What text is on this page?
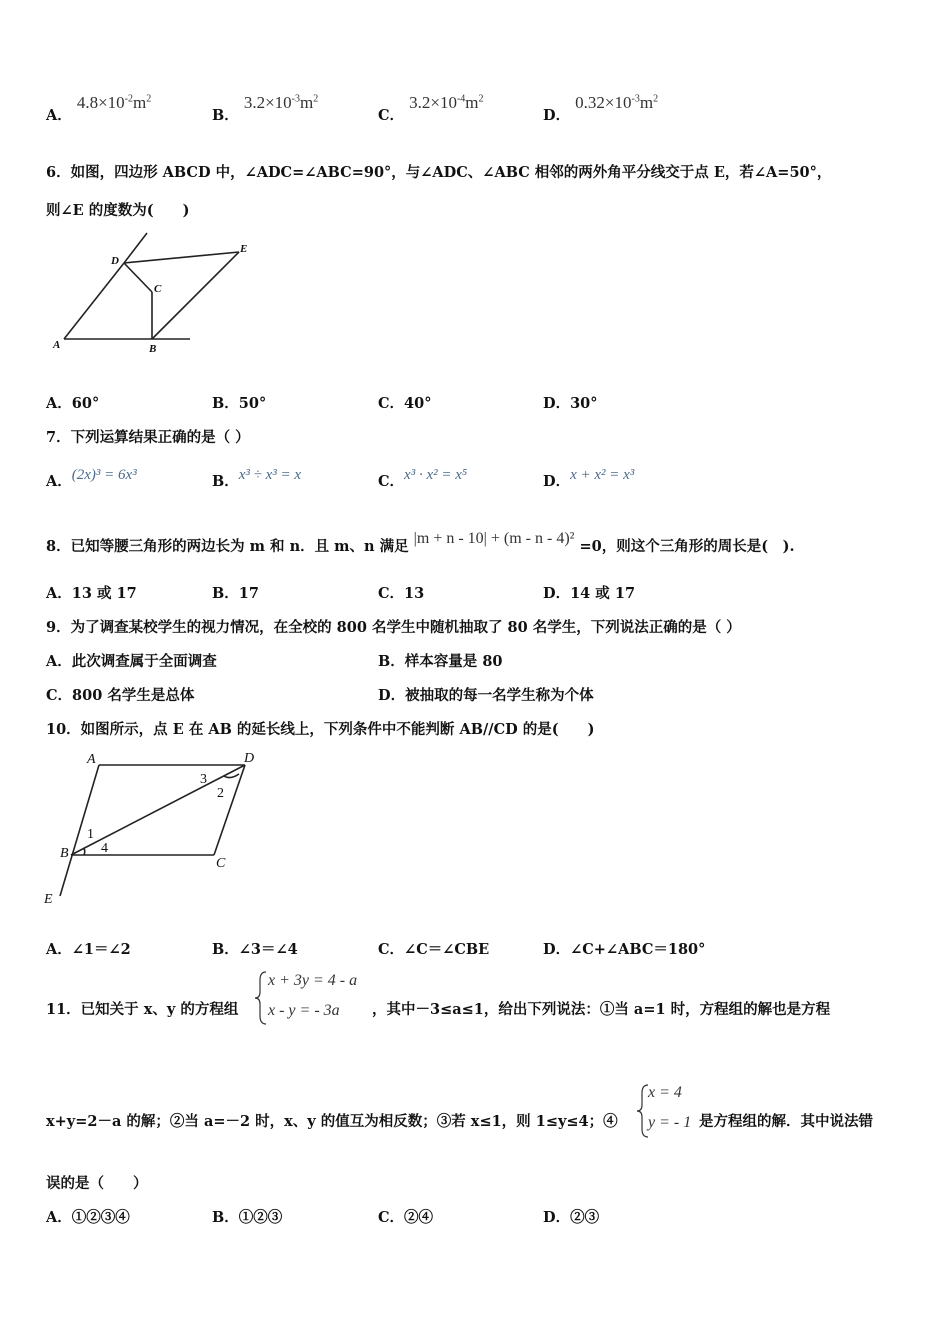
A． $4.8\times 10^{-2}m^2$
B． $3.2\times 10^{-3}m^2$
C． $3.2\times 10^{-4}m^2$
D． $0.32\times 10^{-3}m^2$
6．如图，四边形 ABCD 中，∠ADC=∠ABC=90°，与∠ADC、∠ABC 相邻的两外角平分线交于点 E，若∠A=50°，
则∠E 的度数为(　　)
A	B
C
D
E
A．60°	B．50°	C．40°	D．30°
7．下列运算结果正确的是（ ）
A．(2x)³ = 6x³	B．x³ ÷ x³ = x	C．x³ · x² = x⁵	D．x + x² = x³
8．已知等腰三角形的两边长为 m 和 n．且 m、n 满足 |m + n - 10| + (m - n - 4)² =0，则这个三角形的周长是(　).
A．13 或 17	B．17	C．13	D．14 或 17
9．为了调查某校学生的视力情况，在全校的 800 名学生中随机抽取了 80 名学生，下列说法正确的是（ ）
A．此次调查属于全面调查	B．样本容量是 80
C．800 名学生是总体	D．被抽取的每一名学生称为个体
10．如图所示，点 E 在 AB 的延长线上，下列条件中不能判断 AB//CD 的是(　　)
A
B
C
D
E
1
2
3
4
A．∠1＝∠2	B．∠3＝∠4	C．∠C＝∠CBE	D．∠C+∠ABC＝180°
11．已知关于 x、y 的方程组
x + 3y = 4 - a
x - y = - 3a ，其中－3≤a≤1，给出下列说法：①当 a=1 时，方程组的解也是方程
x+y=2－a 的解；②当 a=－2 时，x、y 的值互为相反数；③若 x≤1，则 1≤y≤4；④
x = 4
y = - 1 是方程组的解．其中说法错
误的是（　　）
A．①②③④	B．①②③	C．②④	D．②③
